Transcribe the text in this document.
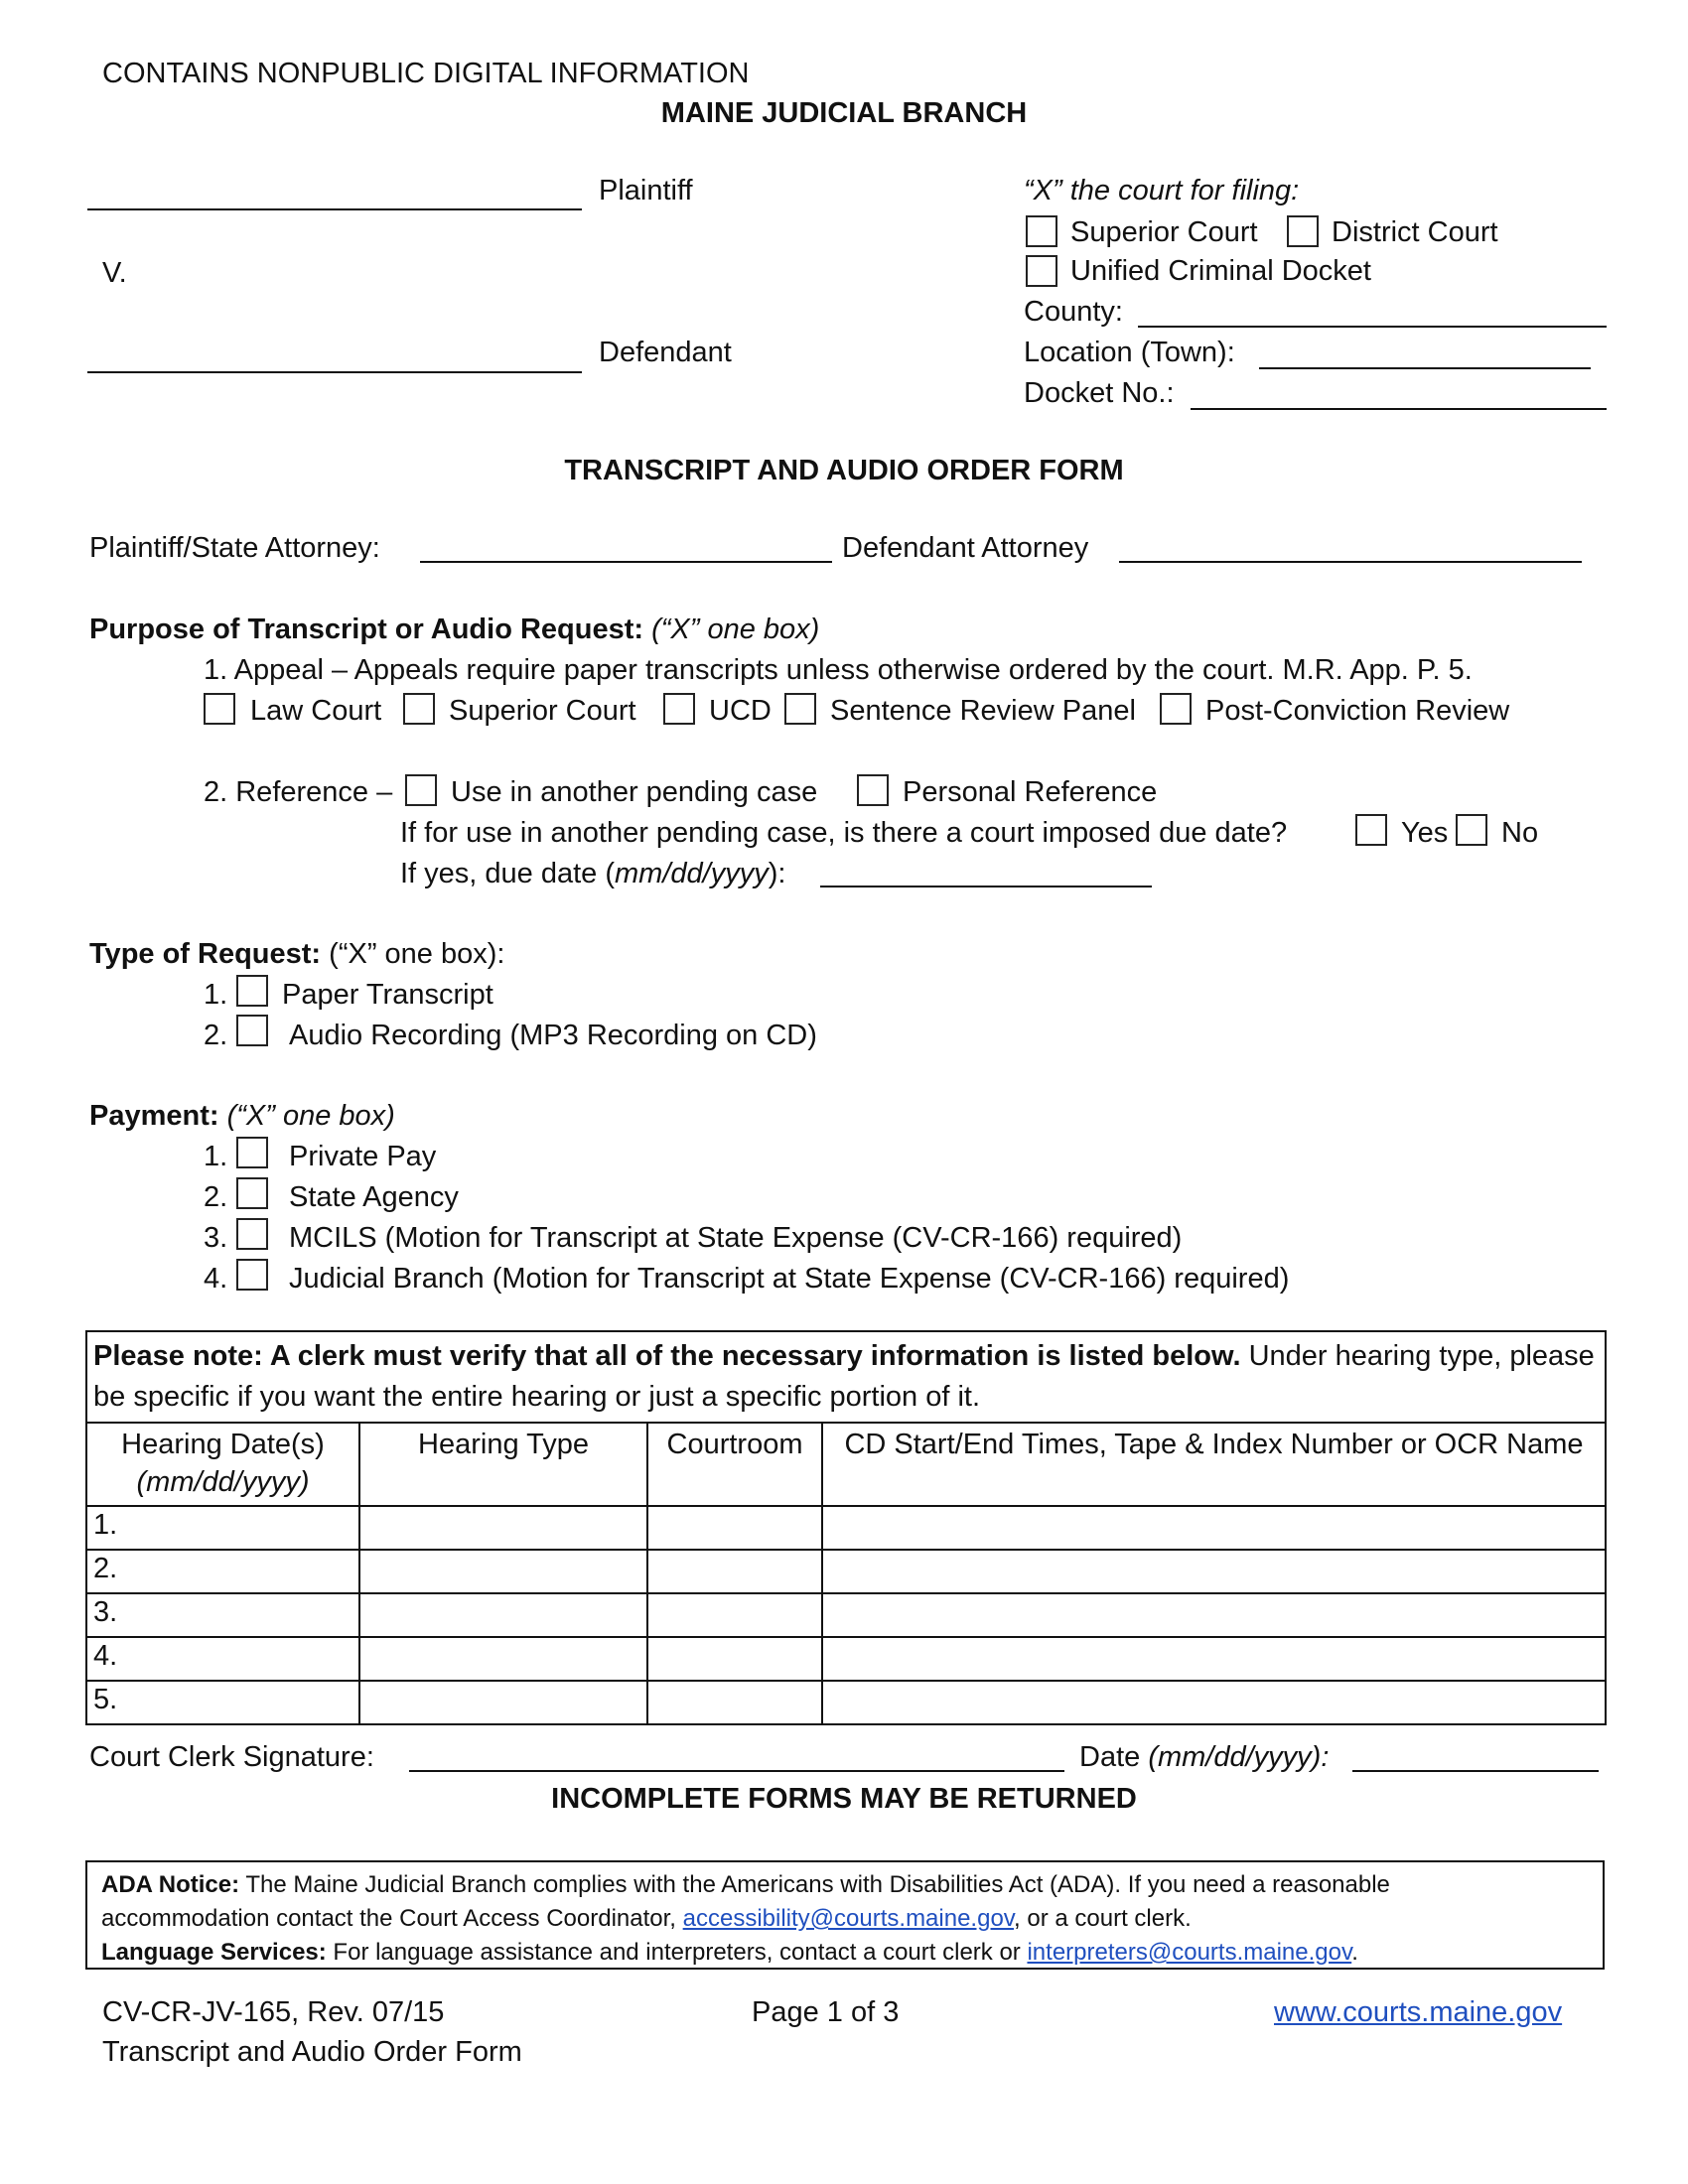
CONTAINS NONPUBLIC DIGITAL INFORMATION
MAINE JUDICIAL BRANCH
Plaintiff
V.
Defendant
“X” the court for filing:
Superior Court	District Court
Unified Criminal Docket
County:
Location (Town):
Docket No.:
TRANSCRIPT AND AUDIO ORDER FORM
Plaintiff/State Attorney:	Defendant Attorney
Purpose of Transcript or Audio Request: (“X” one box)
1. Appeal – Appeals require paper transcripts unless otherwise ordered by the court. M.R. App. P. 5.
Law Court Superior Court	UCD Sentence Review Panel Post-Conviction Review
2. Reference – Use in another pending case	Personal Reference
If for use in another pending case, is there a court imposed due date?	Yes No
If yes, due date (mm/dd/yyyy):
Type of Request: (“X” one box):
1. Paper Transcript
2. Audio Recording (MP3 Recording on CD)
Payment: (“X” one box)
1. Private Pay
2. State Agency
3. MCILS (Motion for Transcript at State Expense (CV-CR-166) required)
4. Judicial Branch (Motion for Transcript at State Expense (CV-CR-166) required)
Please note: A clerk must verify that all of the necessary information is listed below. Under hearing type, please be specific if you want the entire hearing or just a specific portion of it.			
Hearing Date(s)
(mm/dd/yyyy)	Hearing Type	Courtroom	CD Start/End Times, Tape & Index Number or OCR Name
1.			
2.			
3.			
4.			
5.			
Court Clerk Signature:	Date (mm/dd/yyyy):
INCOMPLETE FORMS MAY BE RETURNED
ADA Notice: The Maine Judicial Branch complies with the Americans with Disabilities Act (ADA). If you need a reasonable
accommodation contact the Court Access Coordinator, accessibility@courts.maine.gov, or a court clerk.
Language Services: For language assistance and interpreters, contact a court clerk or interpreters@courts.maine.gov.
CV-CR-JV-165, Rev. 07/15
Transcript and Audio Order Form
Page 1 of 3	www.courts.maine.gov
